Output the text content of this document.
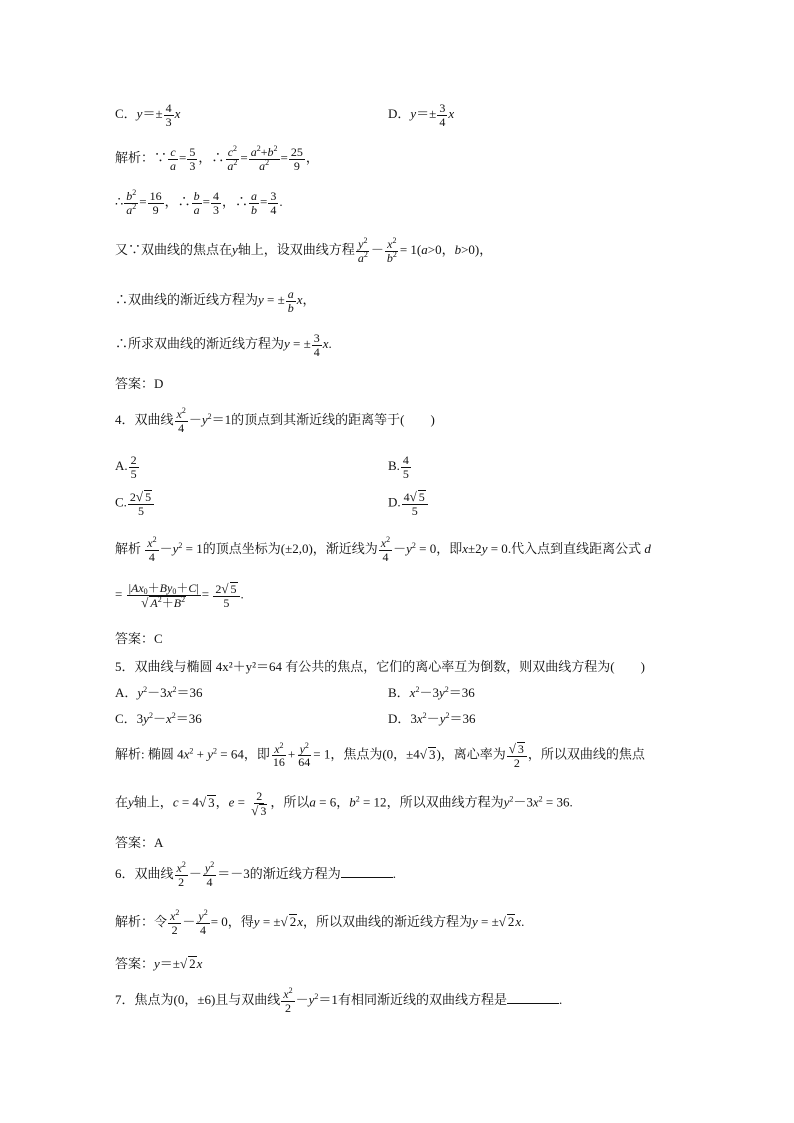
C．$y=\pm \frac{4}{3}$ x	D．$y=\pm \frac{3}{4}$ x
解析：∵ $\frac{c}{a} = \frac{5}{3}$ ，∴ $\frac{c^2}{a^2} = \frac{a^2+b^2}{a^2} = \frac{25}{9}$ ，
∴ $\frac{b^2}{a^2} = \frac{16}{9}$ ，∴ $\frac{b}{a} = \frac{4}{3}$ ，∴ $\frac{a}{b} = \frac{3}{4}$ .
又∵双曲线的焦点在y轴上，设双曲线方程 $\frac{y^2}{a^2} - \frac{x^2}{b^2} = 1(a>0$，b>0)，
∴双曲线的渐近线方程为y = ± $\frac{a}{b}$ x，
∴所求双曲线的渐近线方程为y = ± $\frac{3}{4} x$.
答案：D
4．双曲线 $\frac{x^2}{4} -y^2=1$的顶点到其渐近线的距离等于(　　)
A. $\frac{2}{5}$	B. $\frac{4}{5}$
C. $\frac{2√ 5}{5}$	D. $\frac{4√ 5}{5}$
解析 $\frac{x^2}{4} -y^2 = 1$的顶点坐标为(±2,0)，渐近线为 $\frac{x^2}{4} -y^2 = 0$，即x±2y = 0.代入点到直线距离公式 d
= $\frac{|Ax_0+By_0+C|}{√ A^2+B^2} = \frac{2√ 5}{5}$ .
答案：C
5．双曲线与椭圆 4x²＋y²＝64 有公共的焦点，它们的离心率互为倒数，则双曲线方程为(　　)
A．$y^2-3x^2=36$	B．$x^2-3y^2=36$
C．$3y^2-x^2=36$	D．$3x^2-y^2=36$
解析: 椭圆 $4x^2 + y^2 = 64$，即 $\frac{x^2}{16} + \frac{y^2}{64} = 1$，焦点为(0，±4√ 3)，离心率为 $\frac{√ 3}{2}$ ，所以双曲线的焦点
在y轴上，c = 4√ 3，$e = \frac{2}{√ 3}$ ，所以a = 6，$b^2 = 12$，所以双曲线方程为$y^2-3x^2 = 36$.
答案：A
6．双曲线 $\frac{x^2}{2} - \frac{y^2}{4} =-3$的渐近线方程为	.
解析：令 $\frac{x^2}{2} - \frac{y^2}{4} = 0$，得y = ±√ 2x，所以双曲线的渐近线方程为y = ±√ 2x.
答案：y＝±√ 2x
7．焦点为(0，±6)且与双曲线 $\frac{x^2}{2} -y^2=1$有相同渐近线的双曲线方程是	.
